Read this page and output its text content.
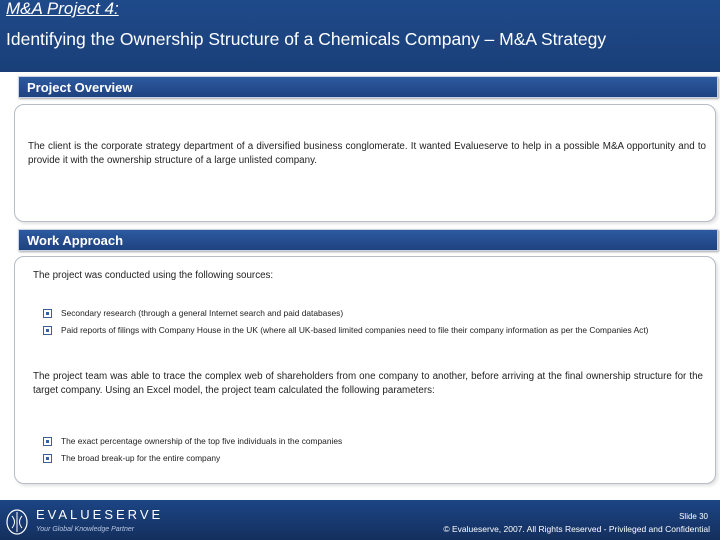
M&A Project 4:
Identifying the Ownership Structure of a Chemicals Company – M&A Strategy
Project Overview
The client is the corporate strategy department of a diversified business conglomerate. It wanted Evalueserve to help in a possible M&A opportunity and to provide it with the ownership structure of a large unlisted company.
Work Approach
The project was conducted using the following sources:
Secondary research (through a general Internet search and paid databases)
Paid reports of filings with Company House in the UK (where all UK-based limited companies need to file their company information as per the Companies Act)
The project team was able to trace the complex web of shareholders from one company to another, before arriving at the final ownership structure for the target company. Using an Excel model, the project team calculated the following parameters:
The exact percentage ownership of the top five individuals in the companies
The broad break-up for the entire company
EVALUESERVE
Your Global Knowledge Partner
Slide 30
© Evalueserve, 2007. All Rights Reserved - Privileged and Confidential
